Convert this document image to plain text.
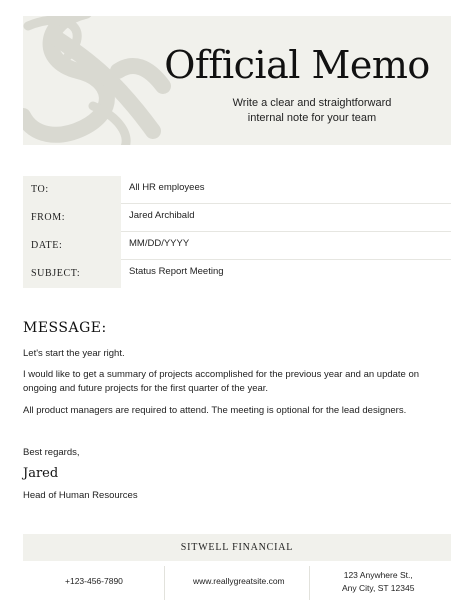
Official Memo
Write a clear and straightforward
internal note for your team
TO:	All HR employees
FROM:	Jared Archibald
DATE:	MM/DD/YYYY
SUBJECT:	Status Report Meeting
MESSAGE:

Let's start the year right.

I would like to get a summary of projects accomplished for the previous year and an update on ongoing and future projects for the first quarter of the year.

All product managers are required to attend. The meeting is optional for the lead designers.

Best regards,
Jared
Head of Human Resources
SITWELL FINANCIAL
+123-456-7890	www.reallygreatsite.com
123 Anywhere St.,
Any City, ST 12345
